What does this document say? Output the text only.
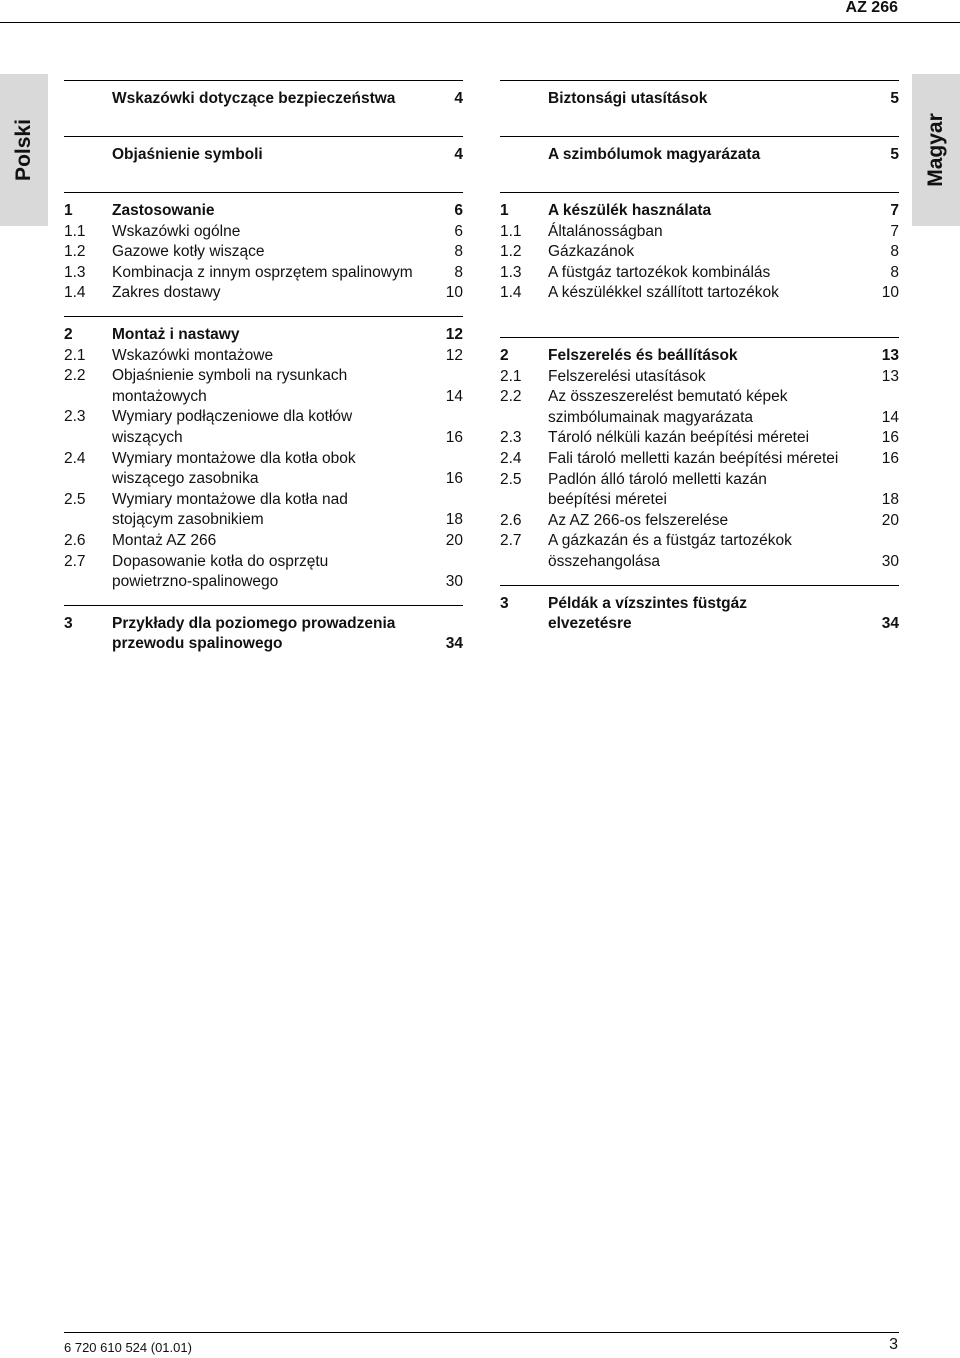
AZ 266
Polski	Magyar
Wskazówki dotyczące bezpieczeństwa	4
Objaśnienie symboli	4
1	Zastosowanie	6
1.1	Wskazówki ogólne	6
1.2	Gazowe kotły wiszące	8
1.3	Kombinacja z innym osprzętem spalinowym	8
1.4	Zakres dostawy	10
2	Montaż i nastawy	12
2.1	Wskazówki montażowe	12
2.2	Objaśnienie symboli na rysunkach
montażowych	14
2.3	Wymiary podłączeniowe dla kotłów
wiszących	16
2.4	Wymiary montażowe dla kotła obok
wiszącego zasobnika	16
2.5	Wymiary montażowe dla kotła nad
stojącym zasobnikiem	18
2.6	Montaż AZ 266	20
2.7	Dopasowanie kotła do osprzętu
powietrzno-spalinowego	30
3	Przykłady dla poziomego prowadzenia
przewodu spalinowego	34
Biztonsági utasítások	5
A szimbólumok magyarázata	5
1	A készülék használata	7
1.1	Általánosságban	7
1.2	Gázkazánok	8
1.3	A füstgáz tartozékok kombinálás	8
1.4	A készülékkel szállított tartozékok	10
2	Felszerelés és beállítások	13
2.1	Felszerelési utasítások	13
2.2	Az összeszerelést bemutató képek
szimbólumainak magyarázata	14
2.3	Tároló nélküli kazán beépítési méretei	16
2.4	Fali tároló melletti kazán beépítési méretei	16
2.5	Padlón álló tároló melletti kazán
beépítési méretei	18
2.6	Az AZ 266-os felszerelése	20
2.7	A gázkazán és a füstgáz tartozékok
összehangolása	30
3	Példák a vízszintes füstgáz
elvezetésre	34
6 720 610 524 (01.01)	3
